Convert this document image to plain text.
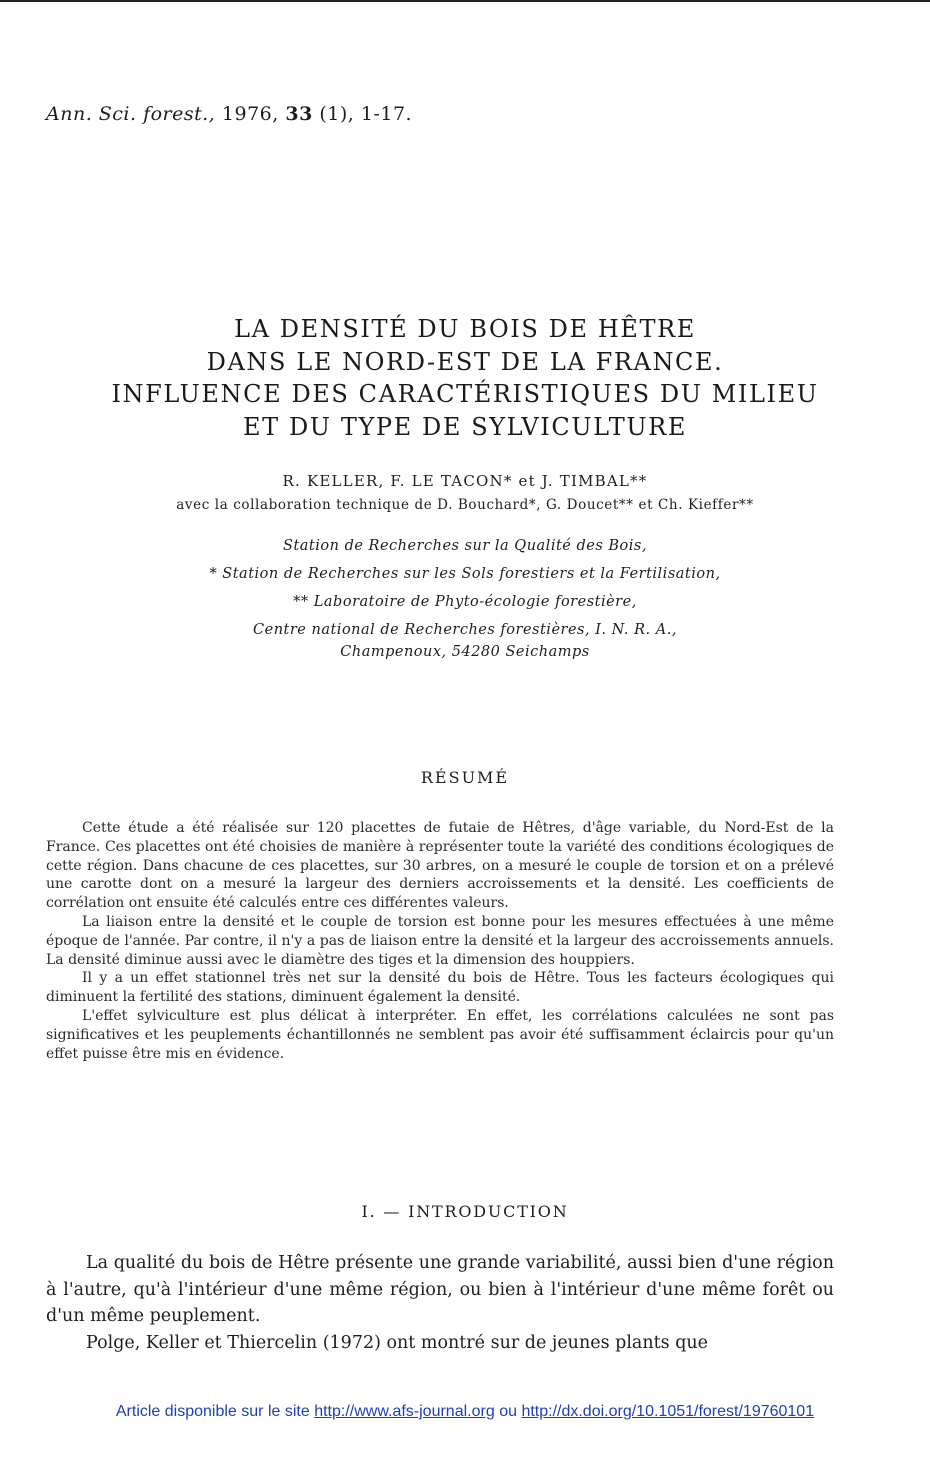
Ann. Sci. forest., 1976, 33 (1), 1-17.
LA DENSITÉ DU BOIS DE HÊTRE
DANS LE NORD-EST DE LA FRANCE.
INFLUENCE DES CARACTÉRISTIQUES DU MILIEU
ET DU TYPE DE SYLVICULTURE
R. KELLER, F. LE TACON* et J. TIMBAL**
avec la collaboration technique de D. Bouchard*, G. Doucet** et Ch. Kieffer**
Station de Recherches sur la Qualité des Bois,
* Station de Recherches sur les Sols forestiers et la Fertilisation,
** Laboratoire de Phyto-écologie forestière,
Centre national de Recherches forestières, I. N. R. A.,
Champenoux, 54280 Seichamps
RÉSUMÉ

Cette étude a été réalisée sur 120 placettes de futaie de Hêtres, d'âge variable, du Nord-Est de la France. Ces placettes ont été choisies de manière à représenter toute la variété des conditions écologiques de cette région. Dans chacune de ces placettes, sur 30 arbres, on a mesuré le couple de torsion et on a prélevé une carotte dont on a mesuré la largeur des derniers accroissements et la densité. Les coefficients de corrélation ont ensuite été calculés entre ces différentes valeurs.

La liaison entre la densité et le couple de torsion est bonne pour les mesures effectuées à une même époque de l'année. Par contre, il n'y a pas de liaison entre la densité et la largeur des accroissements annuels. La densité diminue aussi avec le diamètre des tiges et la dimension des houppiers.

Il y a un effet stationnel très net sur la densité du bois de Hêtre. Tous les facteurs écologiques qui diminuent la fertilité des stations, diminuent également la densité.

L'effet sylviculture est plus délicat à interpréter. En effet, les corrélations calculées ne sont pas significatives et les peuplements échantillonnés ne semblent pas avoir été suffisamment éclaircis pour qu'un effet puisse être mis en évidence.

I. — INTRODUCTION

La qualité du bois de Hêtre présente une grande variabilité, aussi bien d'une région à l'autre, qu'à l'intérieur d'une même région, ou bien à l'intérieur d'une même forêt ou d'un même peuplement.

Polge, Keller et Thiercelin (1972) ont montré sur de jeunes plants que

Article disponible sur le site http://www.afs-journal.org ou http://dx.doi.org/10.1051/forest/19760101
